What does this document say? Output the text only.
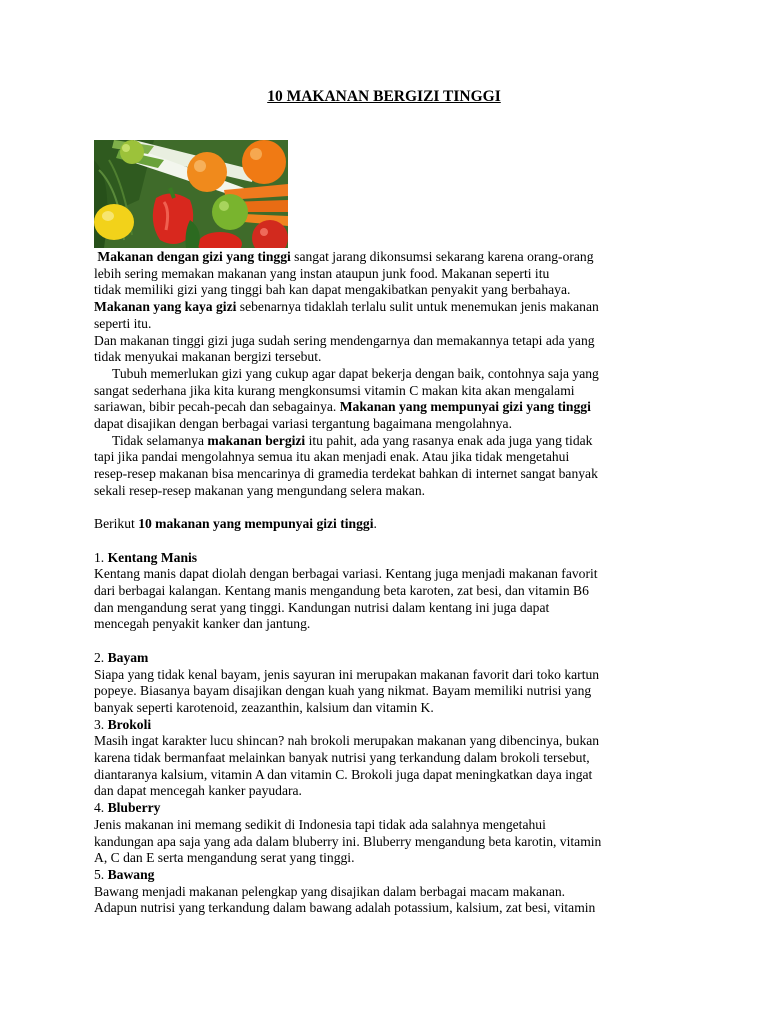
10 MAKANAN BERGIZI TINGGI

Makanan dengan gizi yang tinggi sangat jarang dikonsumsi sekarang karena orang-orang

lebih sering memakan makanan yang instan ataupun junk food. Makanan seperti itu

tidak memiliki gizi yang tinggi bah kan dapat mengakibatkan penyakit yang berbahaya.

Makanan yang kaya gizi sebenarnya tidaklah terlalu sulit untuk menemukan jenis makanan

seperti itu.

Dan makanan tinggi gizi juga sudah sering mendengarnya dan memakannya tetapi ada yang

tidak menyukai makanan bergizi tersebut.

Tubuh memerlukan gizi yang cukup agar dapat bekerja dengan baik, contohnya saja yang

sangat sederhana jika kita kurang mengkonsumsi vitamin C makan kita akan mengalami

sariawan, bibir pecah-pecah dan sebagainya. Makanan yang mempunyai gizi yang tinggi

dapat disajikan dengan berbagai variasi tergantung bagaimana mengolahnya.

Tidak selamanya makanan bergizi itu pahit, ada yang rasanya enak ada juga yang tidak

tapi jika pandai mengolahnya semua itu akan menjadi enak. Atau jika tidak mengetahui

resep-resep makanan bisa mencarinya di gramedia terdekat bahkan di internet sangat banyak

sekali resep-resep makanan yang mengundang selera makan.

Berikut 10 makanan yang mempunyai gizi tinggi.

1. Kentang Manis

Kentang manis dapat diolah dengan berbagai variasi. Kentang juga menjadi makanan favorit

dari berbagai kalangan. Kentang manis mengandung beta karoten, zat besi, dan vitamin B6

dan mengandung serat yang tinggi. Kandungan nutrisi dalam kentang ini juga dapat

mencegah penyakit kanker dan jantung.

2. Bayam

Siapa yang tidak kenal bayam, jenis sayuran ini merupakan makanan favorit dari toko kartun

popeye. Biasanya bayam disajikan dengan kuah yang nikmat. Bayam memiliki nutrisi yang

banyak seperti karotenoid, zeazanthin, kalsium dan vitamin K.

3. Brokoli

Masih ingat karakter lucu shincan? nah brokoli merupakan makanan yang dibencinya, bukan

karena tidak bermanfaat melainkan banyak nutrisi yang terkandung dalam brokoli tersebut,

diantaranya kalsium, vitamin A dan vitamin C. Brokoli juga dapat meningkatkan daya ingat

dan dapat mencegah kanker payudara.

4. Bluberry

Jenis makanan ini memang sedikit di Indonesia tapi tidak ada salahnya mengetahui

kandungan apa saja yang ada dalam bluberry ini. Bluberry mengandung beta karotin, vitamin

A, C dan E serta mengandung serat yang tinggi.

5. Bawang

Bawang menjadi makanan pelengkap yang disajikan dalam berbagai macam makanan.

Adapun nutrisi yang terkandung dalam bawang adalah potassium, kalsium, zat besi, vitamin
